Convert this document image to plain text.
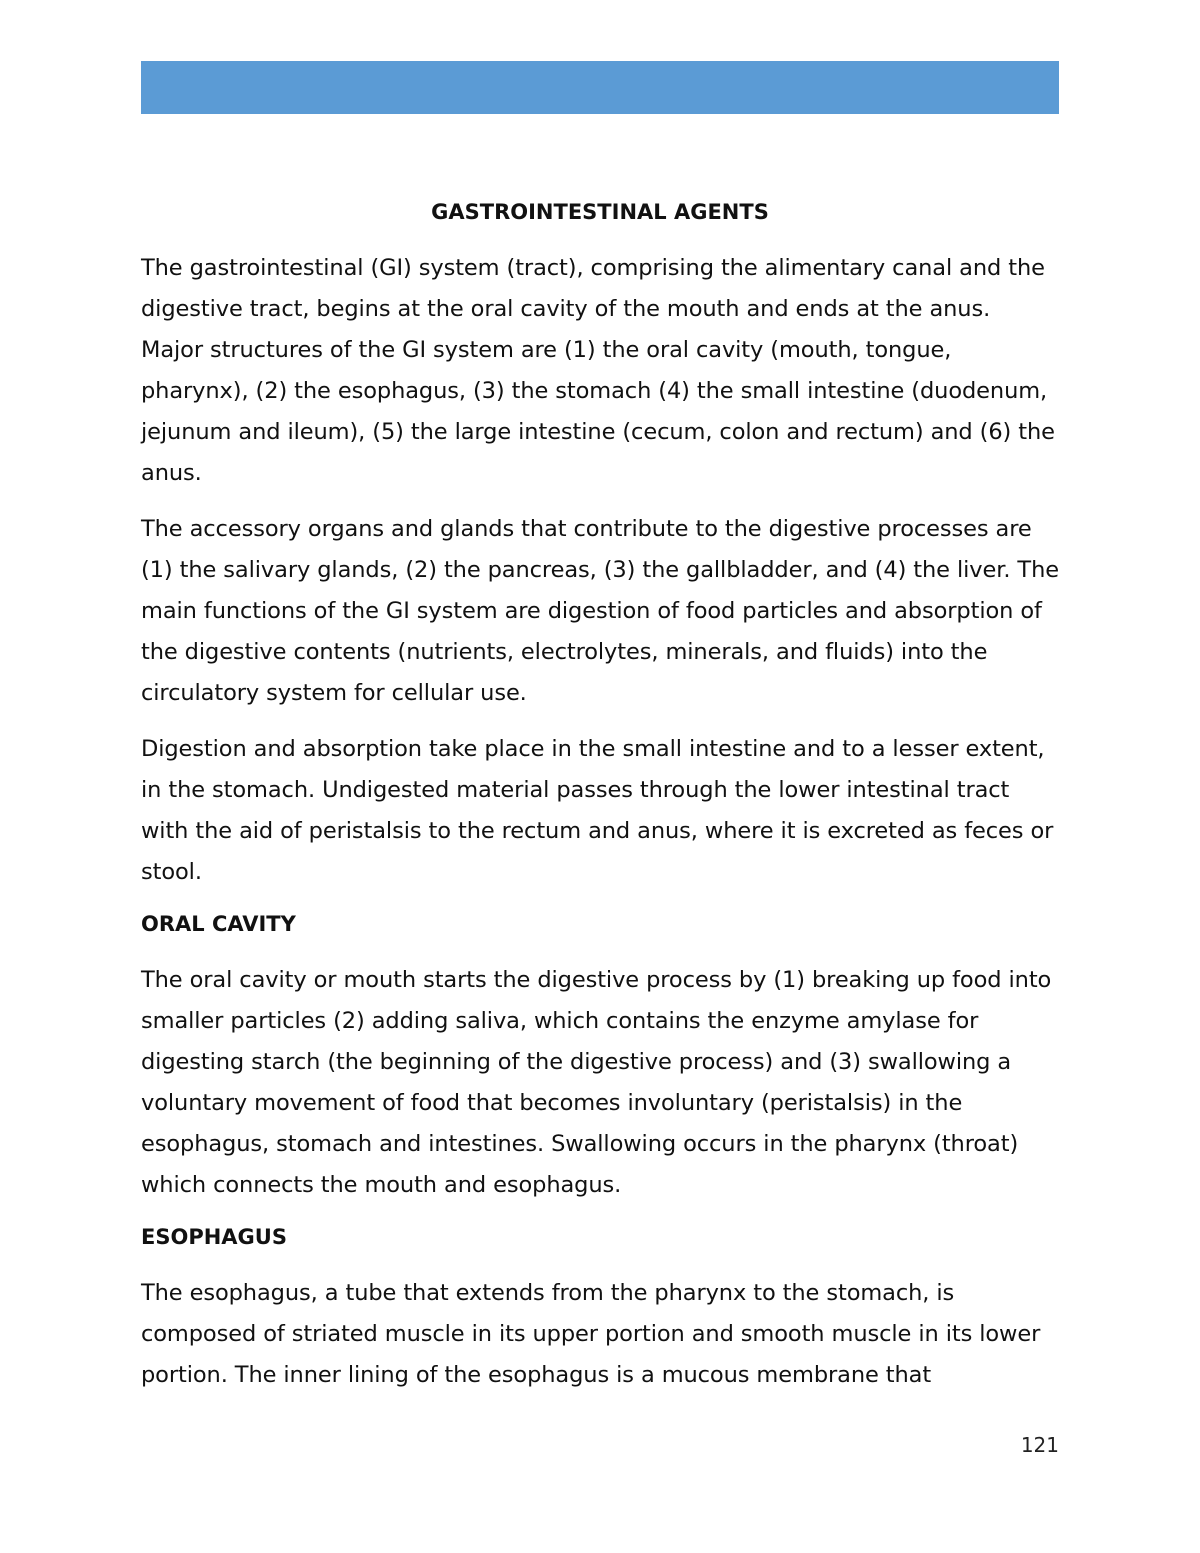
GASTROINTESTINAL AGENTS

The gastrointestinal (GI) system (tract), comprising the alimentary canal and the digestive tract, begins at the oral cavity of the mouth and ends at the anus. Major structures of the GI system are (1) the oral cavity (mouth, tongue, pharynx), (2) the esophagus, (3) the stomach (4) the small intestine (duodenum, jejunum and ileum), (5) the large intestine (cecum, colon and rectum) and (6) the anus.

The accessory organs and glands that contribute to the digestive processes are (1) the salivary glands, (2) the pancreas, (3) the gallbladder, and (4) the liver. The main functions of the GI system are digestion of food particles and absorption of the digestive contents (nutrients, electrolytes, minerals, and fluids) into the circulatory system for cellular use.

Digestion and absorption take place in the small intestine and to a lesser extent, in the stomach. Undigested material passes through the lower intestinal tract with the aid of peristalsis to the rectum and anus, where it is excreted as feces or stool.

ORAL CAVITY

The oral cavity or mouth starts the digestive process by (1) breaking up food into smaller particles (2) adding saliva, which contains the enzyme amylase for digesting starch (the beginning of the digestive process) and (3) swallowing a voluntary movement of food that becomes involuntary (peristalsis) in the esophagus, stomach and intestines. Swallowing occurs in the pharynx (throat) which connects the mouth and esophagus.

ESOPHAGUS

The esophagus, a tube that extends from the pharynx to the stomach, is composed of striated muscle in its upper portion and smooth muscle in its lower portion. The inner lining of the esophagus is a mucous membrane that

121
